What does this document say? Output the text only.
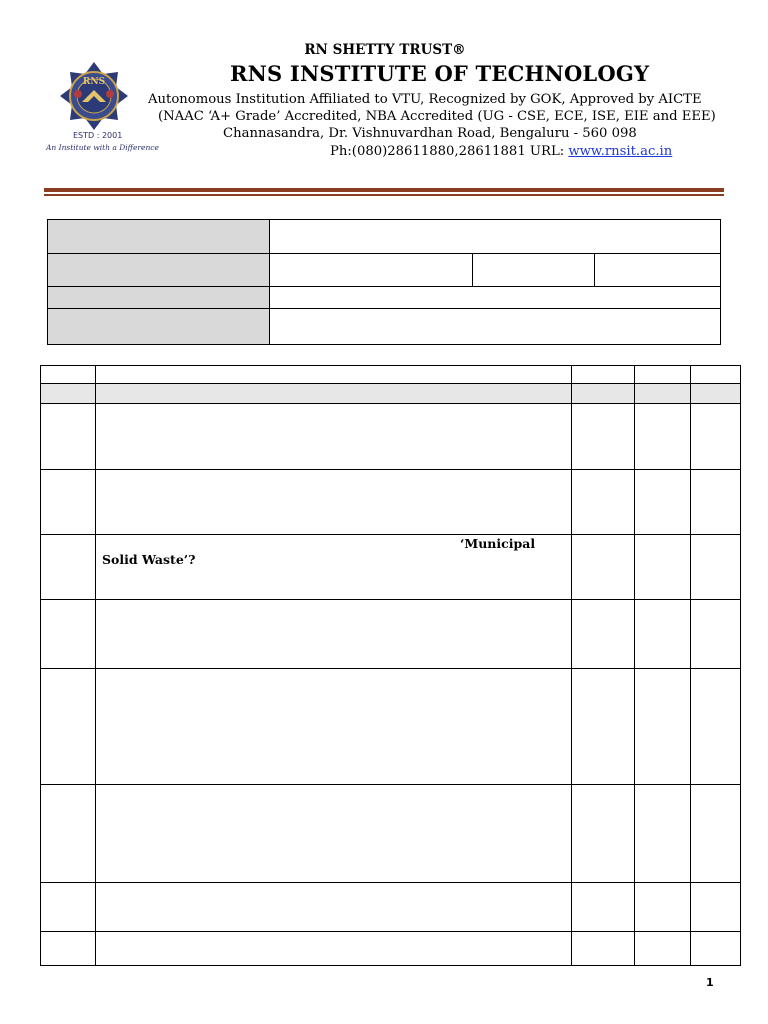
RNS
ESTD : 2001
An Institute with a Difference
RN SHETTY TRUST®
RNS INSTITUTE OF TECHNOLOGY
Autonomous Institution Affiliated to VTU, Recognized by GOK, Approved by AICTE
(NAAC ‘A+ Grade’ Accredited, NBA Accredited (UG - CSE, ECE, ISE, EIE and EEE)
Channasandra, Dr. Vishnuvardhan Road, Bengaluru - 560 098
Ph:(080)28611880,28611881 URL: www.rnsit.ac.in

‘Municipal
Solid Waste’?
1
